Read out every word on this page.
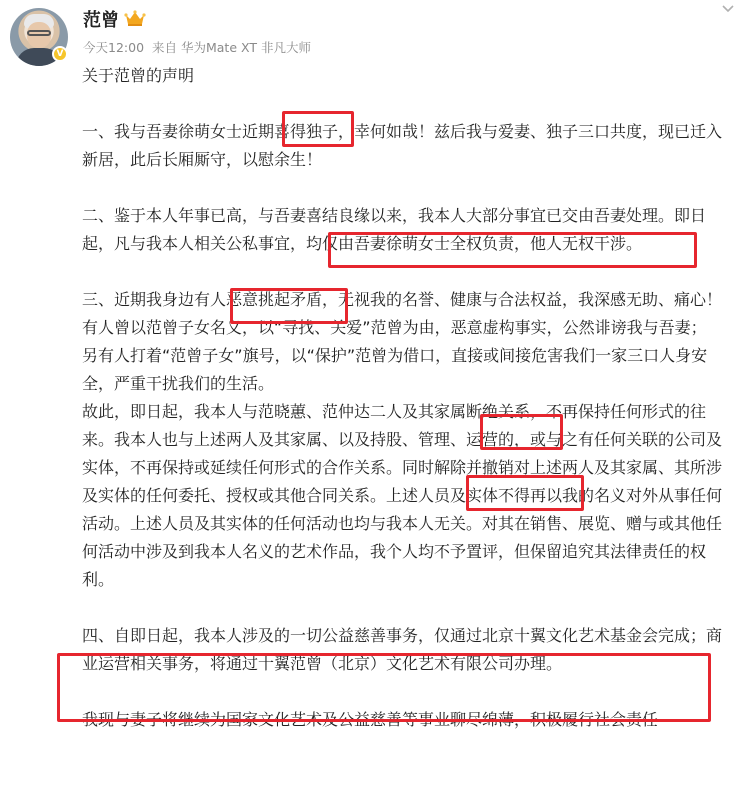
V
范曾
今天12:00 来自 华为Mate XT 非凡大师

关于范曾的声明

一、我与吾妻徐萌女士近期喜得独子，幸何如哉！兹后我与爱妻、独子三口共度，现已迁入新居，此后长厢厮守，以慰余生！

二、鉴于本人年事已高，与吾妻喜结良缘以来，我本人大部分事宜已交由吾妻处理。即日起，凡与我本人相关公私事宜，均仅由吾妻徐萌女士全权负责，他人无权干涉。

三、近期我身边有人恶意挑起矛盾，无视我的名誉、健康与合法权益，我深感无助、痛心！有人曾以范曾子女名义，以“寻找、关爱”范曾为由，恶意虚构事实，公然诽谤我与吾妻；另有人打着“范曾子女”旗号，以“保护”范曾为借口，直接或间接危害我们一家三口人身安全，严重干扰我们的生活。

故此，即日起，我本人与范晓蕙、范仲达二人及其家属断绝关系，不再保持任何形式的往来。我本人也与上述两人及其家属、以及持股、管理、运营的，或与之有任何关联的公司及实体，不再保持或延续任何形式的合作关系。同时解除并撤销对上述两人及其家属、其所涉及实体的任何委托、授权或其他合同关系。上述人员及实体不得再以我的名义对外从事任何活动。上述人员及其实体的任何活动也均与我本人无关。对其在销售、展览、赠与或其他任何活动中涉及到我本人名义的艺术作品，我个人均不予置评，但保留追究其法律责任的权利。

四、自即日起，我本人涉及的一切公益慈善事务，仅通过北京十翼文化艺术基金会完成；商业运营相关事务，将通过十翼范曾（北京）文化艺术有限公司办理。

我现与妻子将继续为国家文化艺术及公益慈善等事业聊尽绵薄，积极履行社会责任
